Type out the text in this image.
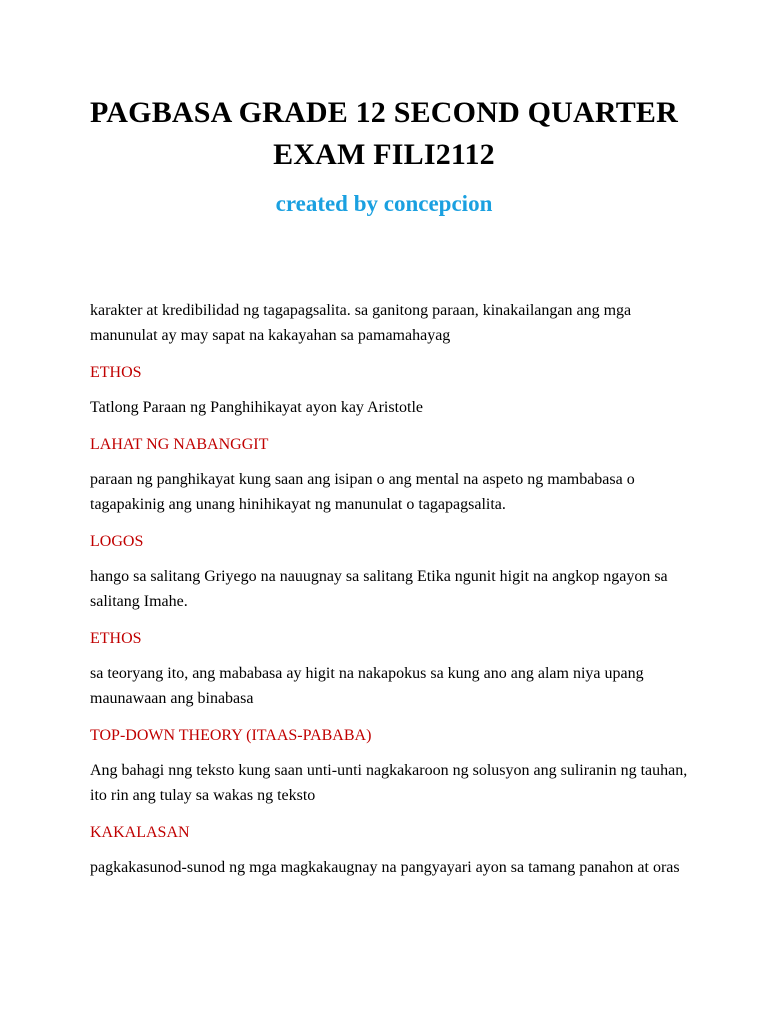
PAGBASA GRADE 12 SECOND QUARTER EXAM FILI2112
created by concepcion

karakter at kredibilidad ng tagapagsalita. sa ganitong paraan, kinakailangan ang mga manunulat ay may sapat na kakayahan sa pamamahayag

ETHOS

Tatlong Paraan ng Panghihikayat ayon kay Aristotle

LAHAT NG NABANGGIT

paraan ng panghikayat kung saan ang isipan o ang mental na aspeto ng mambabasa o tagapakinig ang unang hinihikayat ng manunulat o tagapagsalita.

LOGOS

hango sa salitang Griyego na nauugnay sa salitang Etika ngunit higit na angkop ngayon sa salitang Imahe.

ETHOS

sa teoryang ito, ang mababasa ay higit na nakapokus sa kung ano ang alam niya upang maunawaan ang binabasa

TOP-DOWN THEORY (ITAAS-PABABA)

Ang bahagi nng teksto kung saan unti-unti nagkakaroon ng solusyon ang suliranin ng tauhan, ito rin ang tulay sa wakas ng teksto

KAKALASAN

pagkakasunod-sunod ng mga magkakaugnay na pangyayari ayon sa tamang panahon at oras
